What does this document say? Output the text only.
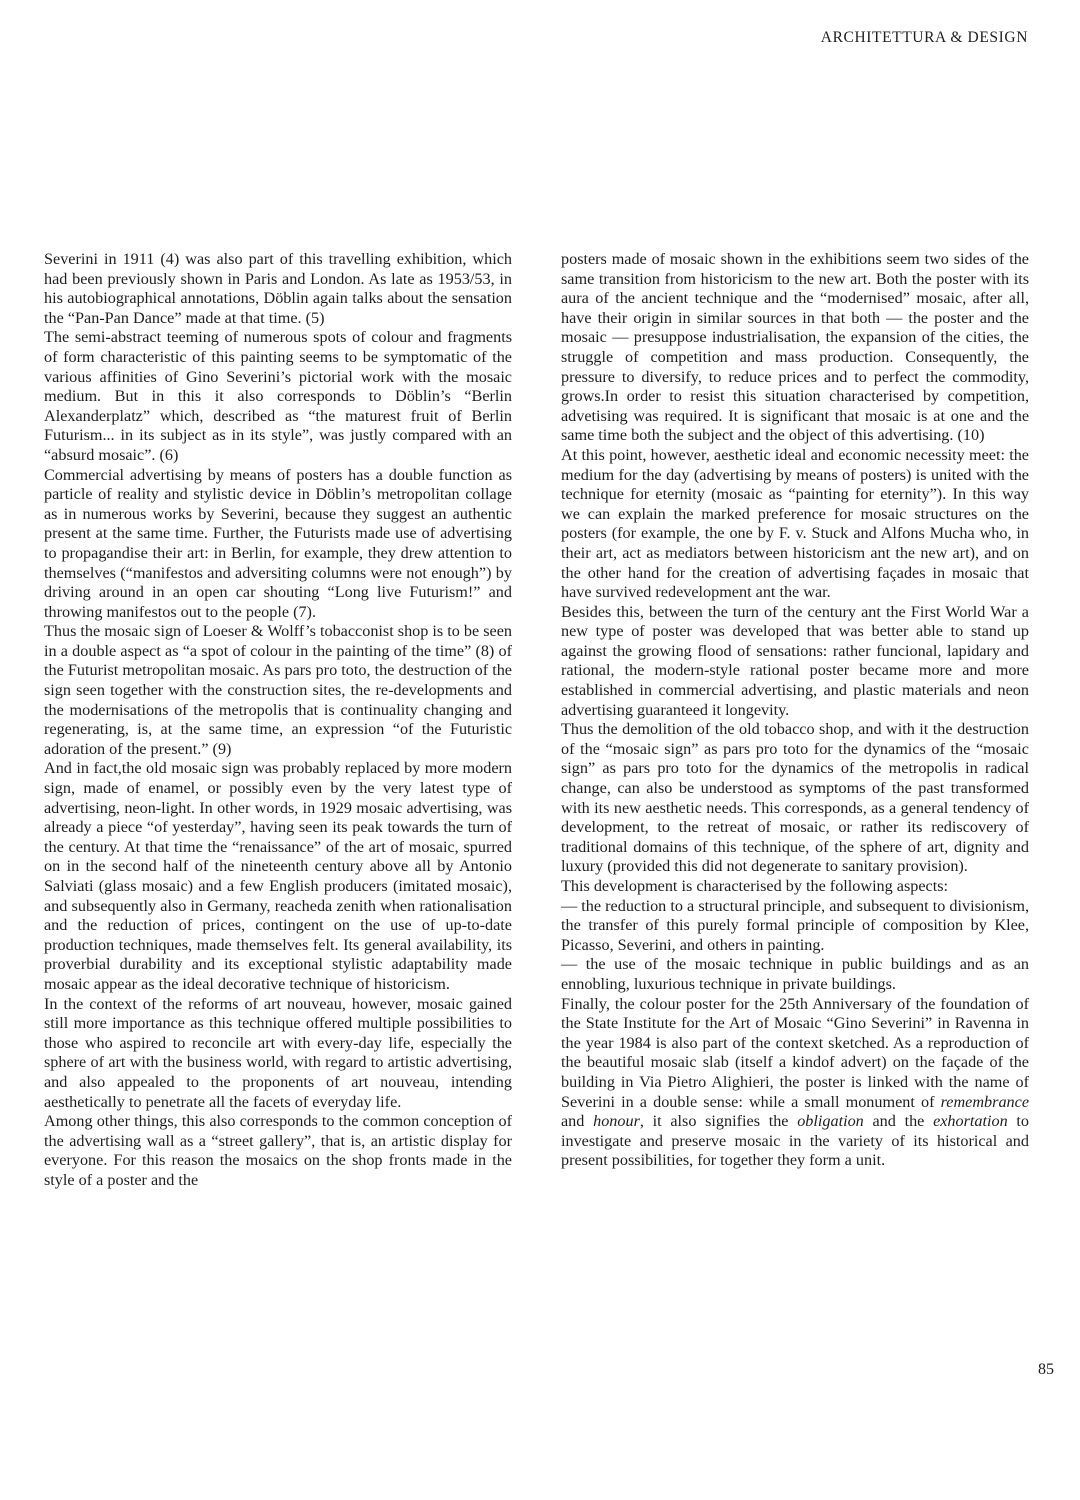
ARCHITETTURA & DESIGN

Severini in 1911 (4) was also part of this travelling exhibition, which had been previously shown in Paris and London. As late as 1953/53, in his autobiographical annotations, Döblin again talks about the sensation the “Pan-Pan Dance” made at that time. (5)

The semi-abstract teeming of numerous spots of colour and fragments of form characteristic of this painting seems to be symptomatic of the various affinities of Gino Severini’s pictorial work with the mosaic medium. But in this it also corresponds to Döblin’s “Berlin Alexanderplatz” which, described as “the maturest fruit of Berlin Futurism... in its subject as in its style”, was justly compared with an “absurd mosaic”. (6)

Commercial advertising by means of posters has a double function as particle of reality and stylistic device in Döblin’s metropolitan collage as in numerous works by Severini, because they suggest an authentic present at the same time. Further, the Futurists made use of advertising to propagandise their art: in Berlin, for example, they drew attention to themselves (“manifestos and adversiting columns were not enough”) by driving around in an open car shouting “Long live Futurism!” and throwing manifestos out to the people (7).

Thus the mosaic sign of Loeser & Wolff’s tobacconist shop is to be seen in a double aspect as “a spot of colour in the painting of the time” (8) of the Futurist metropolitan mosaic. As pars pro toto, the destruction of the sign seen together with the construction sites, the re-developments and the modernisations of the metropolis that is continuality changing and regenerating, is, at the same time, an expression “of the Futuristic adoration of the present.” (9)

And in fact,the old mosaic sign was probably replaced by more modern sign, made of enamel, or possibly even by the very latest type of advertising, neon-light. In other words, in 1929 mosaic advertising, was already a piece “of yesterday”, having seen its peak towards the turn of the century. At that time the “renaissance” of the art of mosaic, spurred on in the second half of the nineteenth century above all by Antonio Salviati (glass mosaic) and a few English producers (imitated mosaic), and subsequently also in Germany, reacheda zenith when rationalisation and the reduction of prices, contingent on the use of up-to-date production techniques, made themselves felt. Its general availability, its proverbial durability and its exceptional stylistic adaptability made mosaic appear as the ideal decorative technique of historicism.

In the context of the reforms of art nouveau, however, mosaic gained still more importance as this technique offered multiple possibilities to those who aspired to reconcile art with every-day life, especially the sphere of art with the business world, with regard to artistic advertising, and also appealed to the proponents of art nouveau, intending aesthetically to penetrate all the facets of everyday life.

Among other things, this also corresponds to the common conception of the advertising wall as a “street gallery”, that is, an artistic display for everyone. For this reason the mosaics on the shop fronts made in the style of a poster and the

posters made of mosaic shown in the exhibitions seem two sides of the same transition from historicism to the new art. Both the poster with its aura of the ancient technique and the “modernised” mosaic, after all, have their origin in similar sources in that both — the poster and the mosaic — presuppose industrialisation, the expansion of the cities, the struggle of competition and mass production. Consequently, the pressure to diversify, to reduce prices and to perfect the commodity, grows.In order to resist this situation characterised by competition, advetising was required. It is significant that mosaic is at one and the same time both the subject and the object of this advertising. (10)

At this point, however, aesthetic ideal and economic necessity meet: the medium for the day (advertising by means of posters) is united with the technique for eternity (mosaic as “painting for eternity”). In this way we can explain the marked preference for mosaic structures on the posters (for example, the one by F. v. Stuck and Alfons Mucha who, in their art, act as mediators between historicism ant the new art), and on the other hand for the creation of advertising façades in mosaic that have survived redevelopment ant the war.

Besides this, between the turn of the century ant the First World War a new type of poster was developed that was better able to stand up against the growing flood of sensations: rather funcional, lapidary and rational, the modern-style rational poster became more and more established in commercial advertising, and plastic materials and neon advertising guaranteed it longevity.

Thus the demolition of the old tobacco shop, and with it the destruction of the “mosaic sign” as pars pro toto for the dynamics of the “mosaic sign” as pars pro toto for the dynamics of the metropolis in radical change, can also be understood as symptoms of the past transformed with its new aesthetic needs. This corresponds, as a general tendency of development, to the retreat of mosaic, or rather its rediscovery of traditional domains of this technique, of the sphere of art, dignity and luxury (provided this did not degenerate to sanitary provision).

This development is characterised by the following aspects:

— the reduction to a structural principle, and subsequent to divisionism, the transfer of this purely formal principle of composition by Klee, Picasso, Severini, and others in painting.

— the use of the mosaic technique in public buildings and as an ennobling, luxurious technique in private buildings.

Finally, the colour poster for the 25th Anniversary of the foundation of the State Institute for the Art of Mosaic “Gino Severini” in Ravenna in the year 1984 is also part of the context sketched. As a reproduction of the beautiful mosaic slab (itself a kindof advert) on the façade of the building in Via Pietro Alighieri, the poster is linked with the name of Severini in a double sense: while a small monument of remembrance and honour, it also signifies the obligation and the exhortation to investigate and preserve mosaic in the variety of its historical and present possibilities, for together they form a unit.

85
